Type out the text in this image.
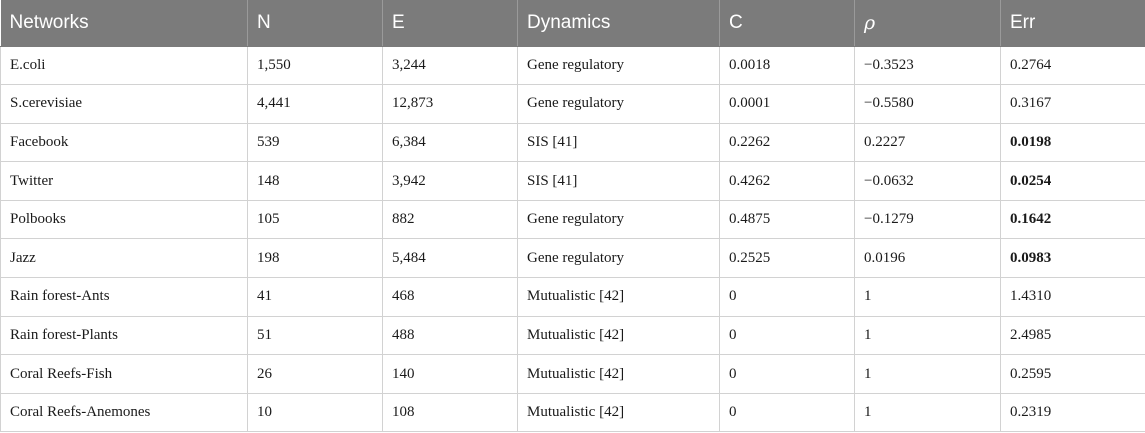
Networks	N	E	Dynamics	C	ρ	Err
E.coli	1,550	3,244	Gene regulatory	0.0018	−0.3523	0.2764
S.cerevisiae	4,441	12,873	Gene regulatory	0.0001	−0.5580	0.3167
Facebook	539	6,384	SIS [41]	0.2262	0.2227	0.0198
Twitter	148	3,942	SIS [41]	0.4262	−0.0632	0.0254
Polbooks	105	882	Gene regulatory	0.4875	−0.1279	0.1642
Jazz	198	5,484	Gene regulatory	0.2525	0.0196	0.0983
Rain forest-Ants	41	468	Mutualistic [42]	0	1	1.4310
Rain forest-Plants	51	488	Mutualistic [42]	0	1	2.4985
Coral Reefs-Fish	26	140	Mutualistic [42]	0	1	0.2595
Coral Reefs-Anemones	10	108	Mutualistic [42]	0	1	0.2319
